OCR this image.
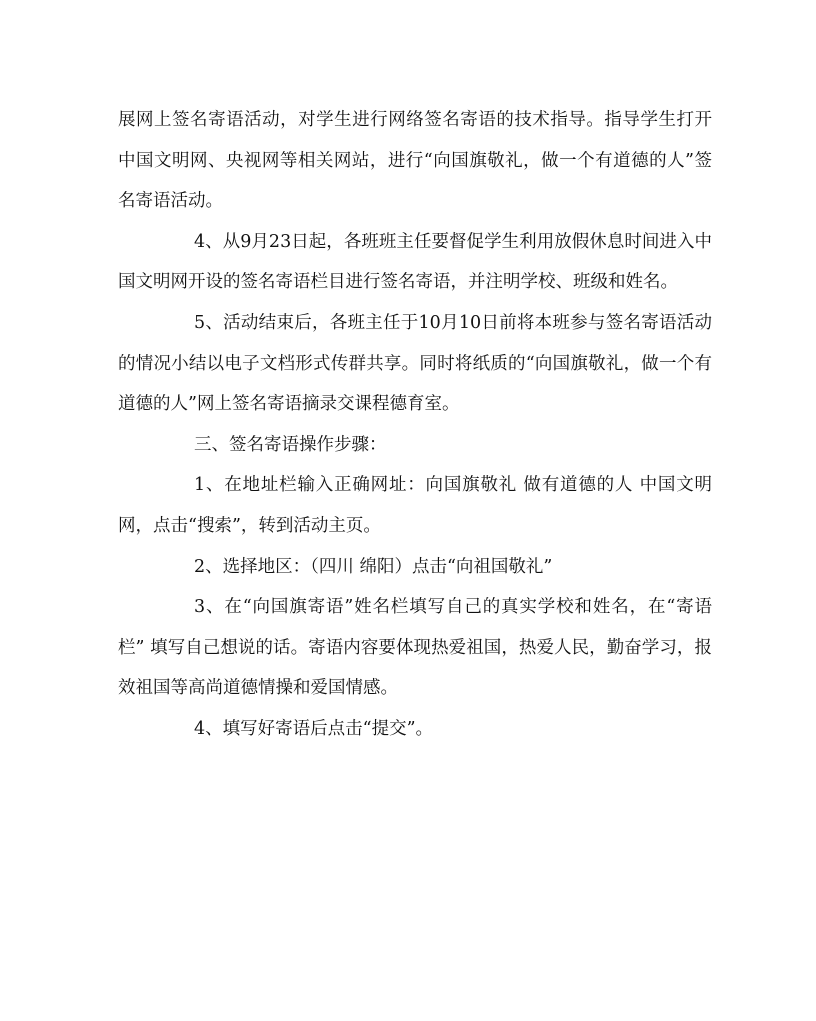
展网上签名寄语活动，对学生进行网络签名寄语的技术指导。指导学生打开中国文明网、央视网等相关网站，进行“向国旗敬礼，做一个有道德的人”签名寄语活动。

4、从9月23日起，各班班主任要督促学生利用放假休息时间进入中国文明网开设的签名寄语栏目进行签名寄语，并注明学校、班级和姓名。

5、活动结束后，各班主任于10月10日前将本班参与签名寄语活动的情况小结以电子文档形式传群共享。同时将纸质的“向国旗敬礼，做一个有道德的人”网上签名寄语摘录交课程德育室。

三、签名寄语操作步骤：

1、在地址栏输入正确网址：向国旗敬礼 做有道德的人 中国文明网，点击“搜索”，转到活动主页。

2、选择地区：（四川 绵阳）点击“向祖国敬礼”

3、在“向国旗寄语”姓名栏填写自己的真实学校和姓名，在“寄语栏” 填写自己想说的话。寄语内容要体现热爱祖国，热爱人民，勤奋学习，报效祖国等高尚道德情操和爱国情感。

4、填写好寄语后点击“提交”。
